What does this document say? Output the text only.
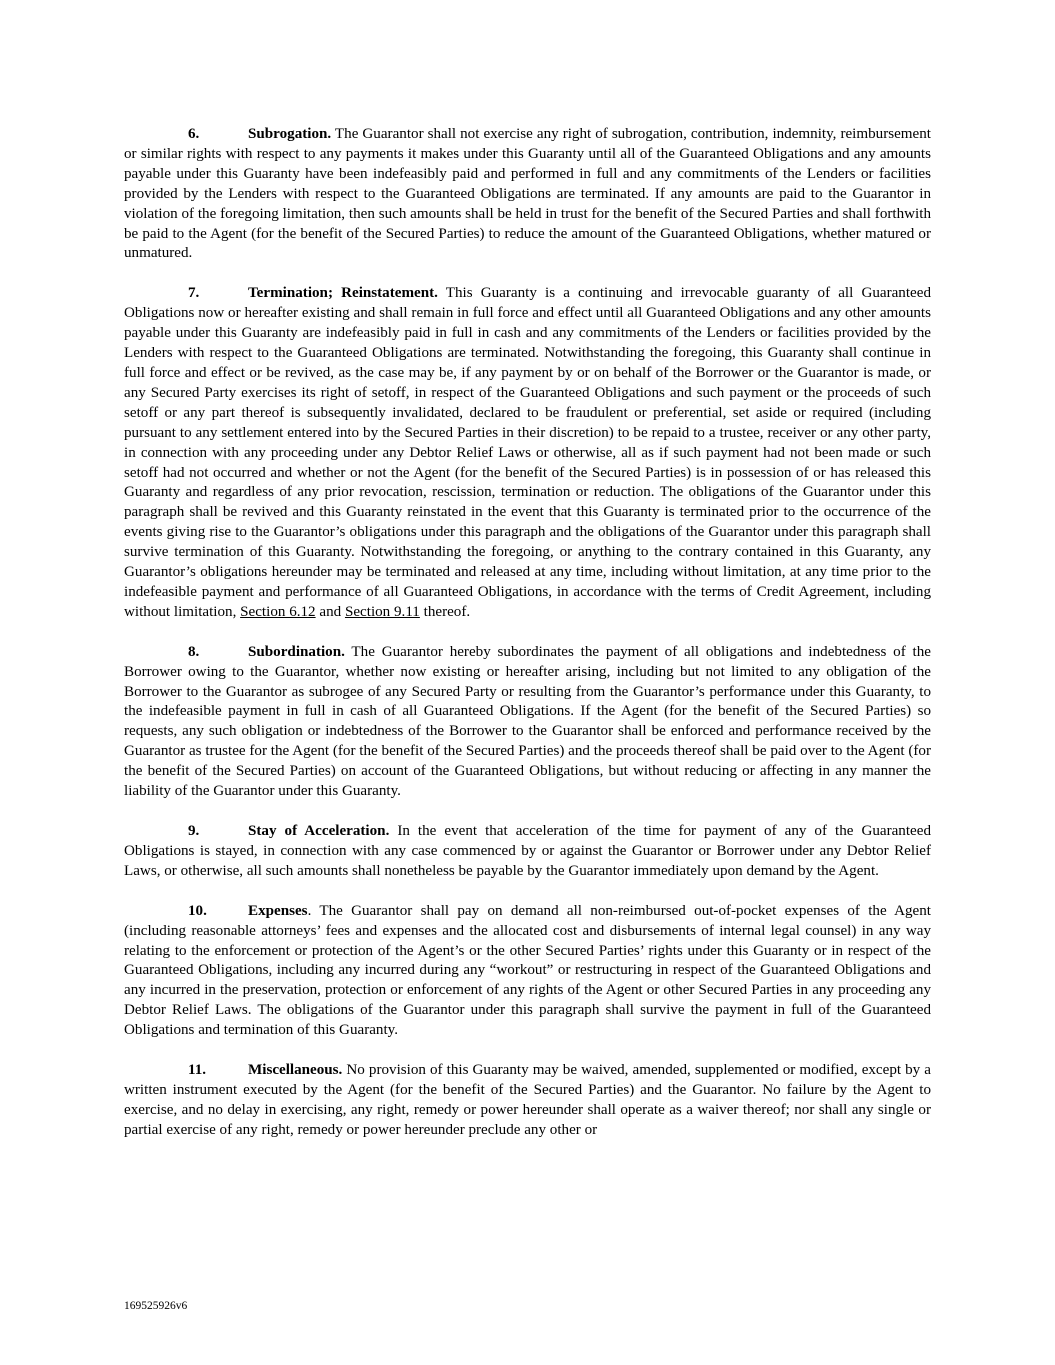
6.	Subrogation. The Guarantor shall not exercise any right of subrogation, contribution, indemnity, reimbursement or similar rights with respect to any payments it makes under this Guaranty until all of the Guaranteed Obligations and any amounts payable under this Guaranty have been indefeasibly paid and performed in full and any commitments of the Lenders or facilities provided by the Lenders with respect to the Guaranteed Obligations are terminated. If any amounts are paid to the Guarantor in violation of the foregoing limitation, then such amounts shall be held in trust for the benefit of the Secured Parties and shall forthwith be paid to the Agent (for the benefit of the Secured Parties) to reduce the amount of the Guaranteed Obligations, whether matured or unmatured.

7.	Termination; Reinstatement. This Guaranty is a continuing and irrevocable guaranty of all Guaranteed Obligations now or hereafter existing and shall remain in full force and effect until all Guaranteed Obligations and any other amounts payable under this Guaranty are indefeasibly paid in full in cash and any commitments of the Lenders or facilities provided by the Lenders with respect to the Guaranteed Obligations are terminated. Notwithstanding the foregoing, this Guaranty shall continue in full force and effect or be revived, as the case may be, if any payment by or on behalf of the Borrower or the Guarantor is made, or any Secured Party exercises its right of setoff, in respect of the Guaranteed Obligations and such payment or the proceeds of such setoff or any part thereof is subsequently invalidated, declared to be fraudulent or preferential, set aside or required (including pursuant to any settlement entered into by the Secured Parties in their discretion) to be repaid to a trustee, receiver or any other party, in connection with any proceeding under any Debtor Relief Laws or otherwise, all as if such payment had not been made or such setoff had not occurred and whether or not the Agent (for the benefit of the Secured Parties) is in possession of or has released this Guaranty and regardless of any prior revocation, rescission, termination or reduction. The obligations of the Guarantor under this paragraph shall be revived and this Guaranty reinstated in the event that this Guaranty is terminated prior to the occurrence of the events giving rise to the Guarantor’s obligations under this paragraph and the obligations of the Guarantor under this paragraph shall survive termination of this Guaranty. Notwithstanding the foregoing, or anything to the contrary contained in this Guaranty, any Guarantor’s obligations hereunder may be terminated and released at any time, including without limitation, at any time prior to the indefeasible payment and performance of all Guaranteed Obligations, in accordance with the terms of Credit Agreement, including without limitation, Section 6.12 and Section 9.11 thereof.

8.	Subordination. The Guarantor hereby subordinates the payment of all obligations and indebtedness of the Borrower owing to the Guarantor, whether now existing or hereafter arising, including but not limited to any obligation of the Borrower to the Guarantor as subrogee of any Secured Party or resulting from the Guarantor’s performance under this Guaranty, to the indefeasible payment in full in cash of all Guaranteed Obligations. If the Agent (for the benefit of the Secured Parties) so requests, any such obligation or indebtedness of the Borrower to the Guarantor shall be enforced and performance received by the Guarantor as trustee for the Agent (for the benefit of the Secured Parties) and the proceeds thereof shall be paid over to the Agent (for the benefit of the Secured Parties) on account of the Guaranteed Obligations, but without reducing or affecting in any manner the liability of the Guarantor under this Guaranty.

9.	Stay of Acceleration. In the event that acceleration of the time for payment of any of the Guaranteed Obligations is stayed, in connection with any case commenced by or against the Guarantor or Borrower under any Debtor Relief Laws, or otherwise, all such amounts shall nonetheless be payable by the Guarantor immediately upon demand by the Agent.

10.	Expenses. The Guarantor shall pay on demand all non-reimbursed out-of-pocket expenses of the Agent (including reasonable attorneys’ fees and expenses and the allocated cost and disbursements of internal legal counsel) in any way relating to the enforcement or protection of the Agent’s or the other Secured Parties’ rights under this Guaranty or in respect of the Guaranteed Obligations, including any incurred during any “workout” or restructuring in respect of the Guaranteed Obligations and any incurred in the preservation, protection or enforcement of any rights of the Agent or other Secured Parties in any proceeding any Debtor Relief Laws. The obligations of the Guarantor under this paragraph shall survive the payment in full of the Guaranteed Obligations and termination of this Guaranty.

11.	Miscellaneous. No provision of this Guaranty may be waived, amended, supplemented or modified, except by a written instrument executed by the Agent (for the benefit of the Secured Parties) and the Guarantor. No failure by the Agent to exercise, and no delay in exercising, any right, remedy or power hereunder shall operate as a waiver thereof; nor shall any single or partial exercise of any right, remedy or power hereunder preclude any other or

169525926v6
